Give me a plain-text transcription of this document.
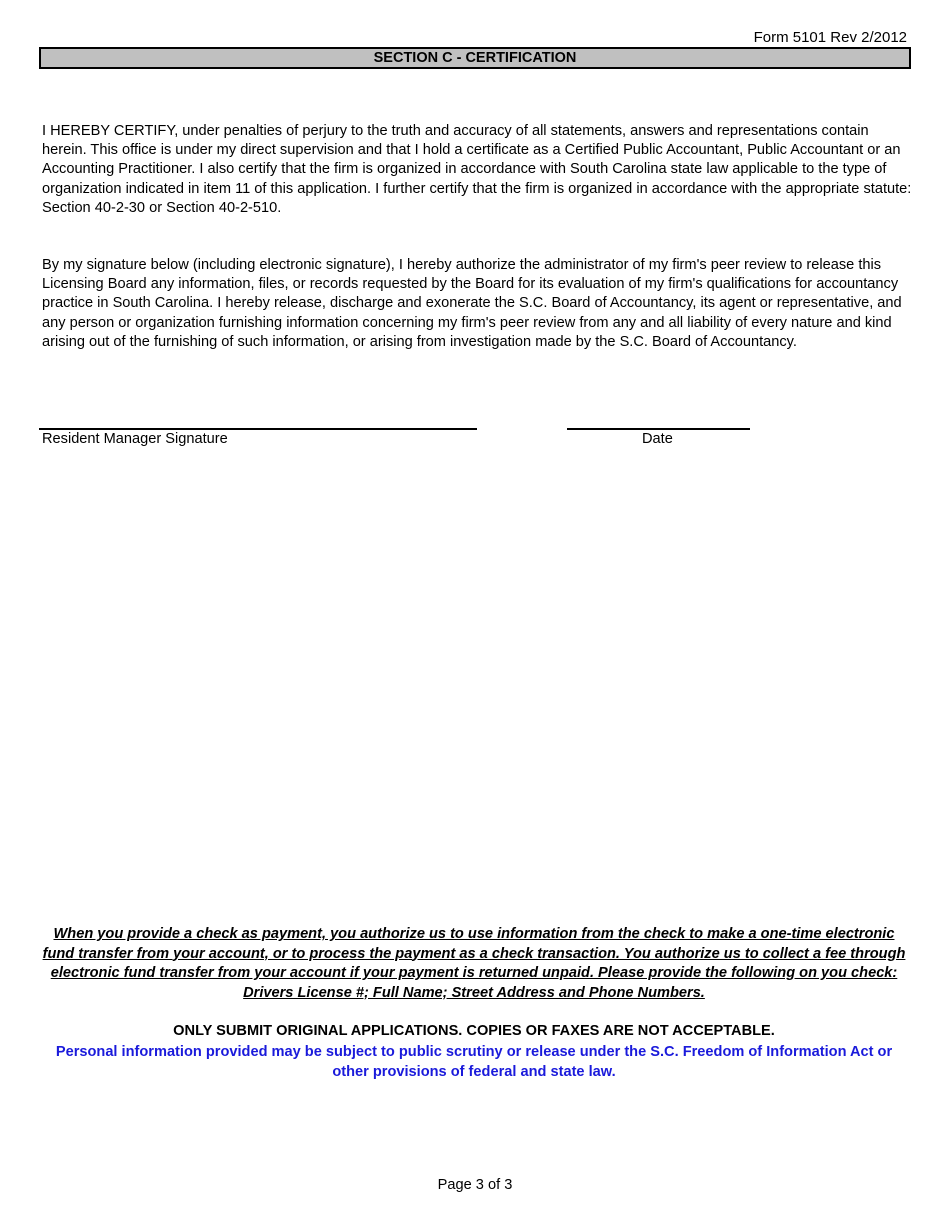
Form 5101 Rev 2/2012
SECTION C - CERTIFICATION

I HEREBY CERTIFY, under penalties of perjury to the truth and accuracy of all statements, answers and representations contain herein. This office is under my direct supervision and that I hold a certificate as a Certified Public Accountant, Public Accountant or an Accounting Practitioner. I also certify that the firm is organized in accordance with South Carolina state law applicable to the type of organization indicated in item 11 of this application. I further certify that the firm is organized in accordance with the appropriate statute: Section 40-2-30 or Section 40-2-510.

By my signature below (including electronic signature), I hereby authorize the administrator of my firm's peer review to release this Licensing Board any information, files, or records requested by the Board for its evaluation of my firm's qualifications for accountancy practice in South Carolina. I hereby release, discharge and exonerate the S.C. Board of Accountancy, its agent or representative, and any person or organization furnishing information concerning my firm's peer review from any and all liability of every nature and kind arising out of the furnishing of such information, or arising from investigation made by the S.C. Board of Accountancy.

Resident Manager Signature	Date

When you provide a check as payment, you authorize us to use information from the check to make a one-time electronic fund transfer from your account, or to process the payment as a check transaction. You authorize us to collect a fee through electronic fund transfer from your account if your payment is returned unpaid. Please provide the following on you check: Drivers License #; Full Name; Street Address and Phone Numbers.

ONLY SUBMIT ORIGINAL APPLICATIONS. COPIES OR FAXES ARE NOT ACCEPTABLE.

Personal information provided may be subject to public scrutiny or release under the S.C. Freedom of Information Act or other provisions of federal and state law.

Page 3 of 3
